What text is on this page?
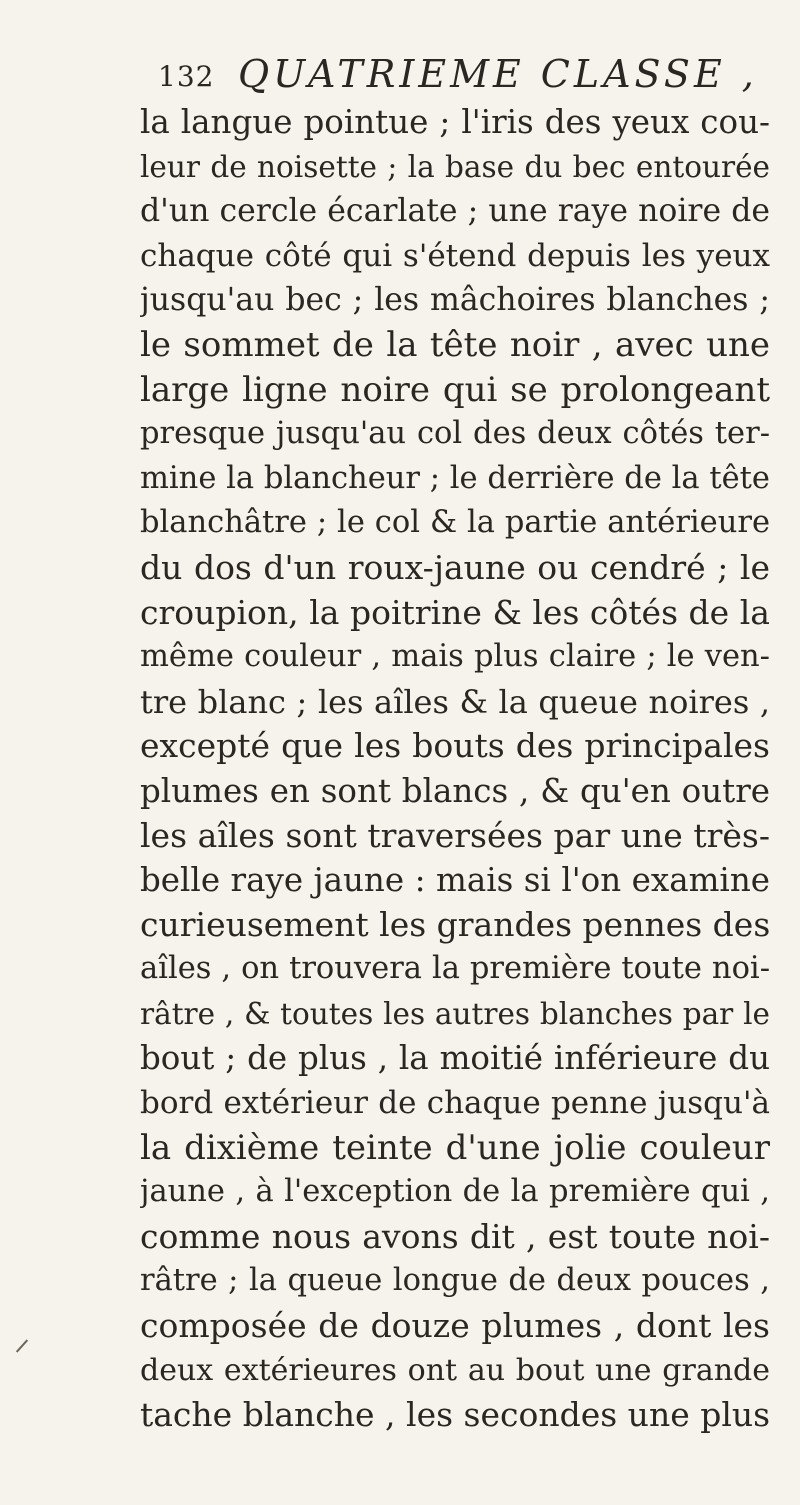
132 QUATRIEME CLASSE ,
la langue pointue ; l'iris des yeux cou-
leur de noisette ; la base du bec entourée
d'un cercle écarlate ; une raye noire de
chaque côté qui s'étend depuis les yeux
jusqu'au bec ; les mâchoires blanches ;
le sommet de la tête noir , avec une
large ligne noire qui se prolongeant
presque jusqu'au col des deux côtés ter-
mine la blancheur ; le derrière de la tête
blanchâtre ; le col & la partie antérieure
du dos d'un roux-jaune ou cendré ; le
croupion, la poitrine & les côtés de la
même couleur , mais plus claire ; le ven-
tre blanc ; les aîles & la queue noires ,
excepté que les bouts des principales
plumes en sont blancs , & qu'en outre
les aîles sont traversées par une très-
belle raye jaune : mais si l'on examine
curieusement les grandes pennes des
aîles , on trouvera la première toute noi-
râtre , & toutes les autres blanches par le
bout ; de plus , la moitié inférieure du
bord extérieur de chaque penne jusqu'à
la dixième teinte d'une jolie couleur
jaune , à l'exception de la première qui ,
comme nous avons dit , est toute noi-
râtre ; la queue longue de deux pouces ,
composée de douze plumes , dont les
deux extérieures ont au bout une grande
tache blanche , les secondes une plus
